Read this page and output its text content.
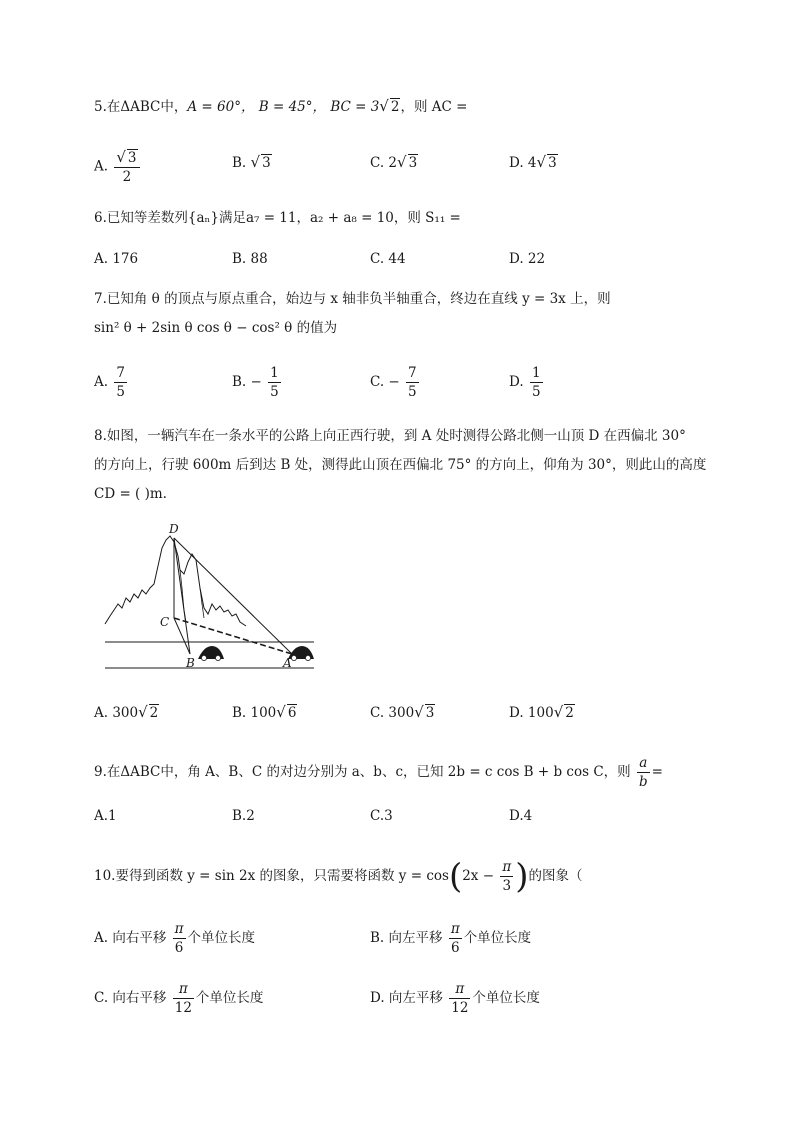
5.在ΔABC中，A = 60°， B = 45°， BC = 3√ 2，则 AC =
A. $\frac{√ 3}{2}$	B. √ 3	C. 2√ 3	D. 4√ 3
6.已知等差数列{aₙ}满足a₇ = 11，a₂ + a₈ = 10，则 S₁₁ =
A. 176	B. 88	C. 44	D. 22
7.已知角 θ 的顶点与原点重合，始边与 x 轴非负半轴重合，终边在直线 y = 3x 上，则
sin² θ + 2sin θ cos θ − cos² θ 的值为
A. $\frac{7}{5}$	B. − $\frac{1}{5}$	C. − $\frac{7}{5}$	D. $\frac{1}{5}$
8.如图，一辆汽车在一条水平的公路上向正西行驶，到 A 处时测得公路北侧一山顶 D 在西偏北 30°
的方向上，行驶 600m 后到达 B 处，测得此山顶在西偏北 75° 的方向上，仰角为 30°，则此山的高度
CD = ( )m.
D
C
B	A
A. 300√ 2	B. 100√ 6	C. 300√ 3	D. 100√ 2
9.在ΔABC中，角 A、B、C 的对边分别为 a、b、c，已知 2b = c cos B + b cos C，则 $\frac{a}{b}$ =
A.1	B.2	C.3	D.4
10.要得到函数 y = sin 2x 的图象，只需要将函数 $y = \cos(2x - \frac{\pi}{3}$ )的图象（
A. 向右平移 $\frac{\pi}{6}$ 个单位长度	B. 向左平移 $\frac{\pi}{6}$ 个单位长度
C. 向右平移 $\frac{\pi}{12}$ 个单位长度	D. 向左平移 $\frac{\pi}{12}$ 个单位长度
